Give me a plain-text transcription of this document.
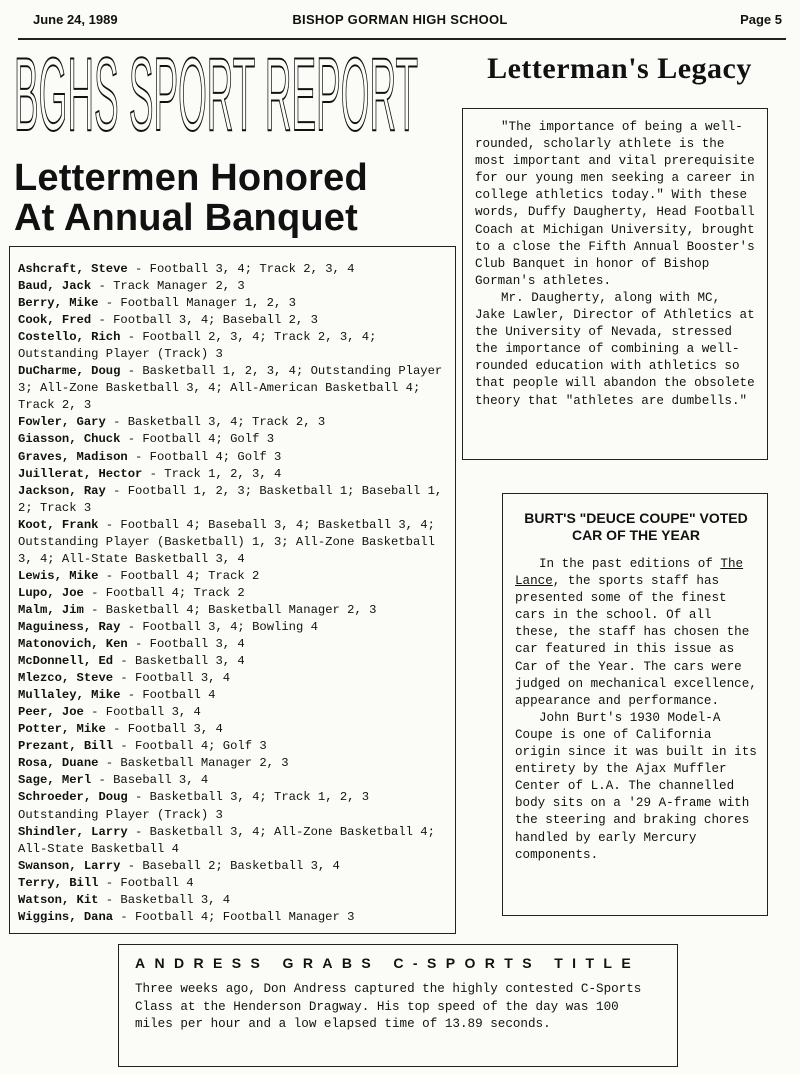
June 24, 1989	BISHOP GORMAN HIGH SCHOOL	Page 5
BGHS SPORT REPORT	Letterman's Legacy

"The importance of being a well-rounded, scholarly athlete is the most important and vital prerequisite for our young men seeking a career in college athletics today." With these words, Duffy Daugherty, Head Football Coach at Michigan University, brought to a close the Fifth Annual Booster's Club Banquet in honor of Bishop Gorman's athletes.

Mr. Daugherty, along with MC, Jake Lawler, Director of Athletics at the University of Nevada, stressed the importance of combining a well-rounded education with athletics so that people will abandon the obsolete theory that "athletes are dumbells."

Lettermen Honored
At Annual Banquet
Ashcraft, Steve - Football 3, 4; Track 2, 3, 4
Baud, Jack - Track Manager 2, 3
Berry, Mike - Football Manager 1, 2, 3
Cook, Fred - Football 3, 4; Baseball 2, 3
Costello, Rich - Football 2, 3, 4; Track 2, 3, 4; Outstanding Player (Track) 3
DuCharme, Doug - Basketball 1, 2, 3, 4; Outstanding Player 3; All-Zone Basketball 3, 4; All-American Basketball 4; Track 2, 3
Fowler, Gary - Basketball 3, 4; Track 2, 3
Giasson, Chuck - Football 4; Golf 3
Graves, Madison - Football 4; Golf 3
Juillerat, Hector - Track 1, 2, 3, 4
Jackson, Ray - Football 1, 2, 3; Basketball 1; Baseball 1, 2; Track 3
Koot, Frank - Football 4; Baseball 3, 4; Basketball 3, 4; Outstanding Player (Basketball) 1, 3; All-Zone Basketball 3, 4; All-State Basketball 3, 4
Lewis, Mike - Football 4; Track 2
Lupo, Joe - Football 4; Track 2
Malm, Jim - Basketball 4; Basketball Manager 2, 3
Maguiness, Ray - Football 3, 4; Bowling 4
Matonovich, Ken - Football 3, 4
McDonnell, Ed - Basketball 3, 4
Mlezco, Steve - Football 3, 4
Mullaley, Mike - Football 4
Peer, Joe - Football 3, 4
Potter, Mike - Football 3, 4
Prezant, Bill - Football 4; Golf 3
Rosa, Duane - Basketball Manager 2, 3
Sage, Merl - Baseball 3, 4
Schroeder, Doug - Basketball 3, 4; Track 1, 2, 3 Outstanding Player (Track) 3
Shindler, Larry - Basketball 3, 4; All-Zone Basketball 4; All-State Basketball 4
Swanson, Larry - Baseball 2; Basketball 3, 4
Terry, Bill - Football 4
Watson, Kit - Basketball 3, 4
Wiggins, Dana - Football 4; Football Manager 3
BURT'S "DEUCE COUPE" VOTED CAR OF THE YEAR

In the past editions of The Lance, the sports staff has presented some of the finest cars in the school. Of all these, the staff has chosen the car featured in this issue as Car of the Year. The cars were judged on mechanical excellence, appearance and performance.

John Burt's 1930 Model-A Coupe is one of California origin since it was built in its entirety by the Ajax Muffler Center of L.A. The channelled body sits on a '29 A-frame with the steering and braking chores handled by early Mercury components.

ANDRESS GRABS C-SPORTS TITLE
Three weeks ago, Don Andress captured the highly contested C-Sports Class at the Henderson Dragway. His top speed of the day was 100 miles per hour and a low elapsed time of 13.89 seconds.
